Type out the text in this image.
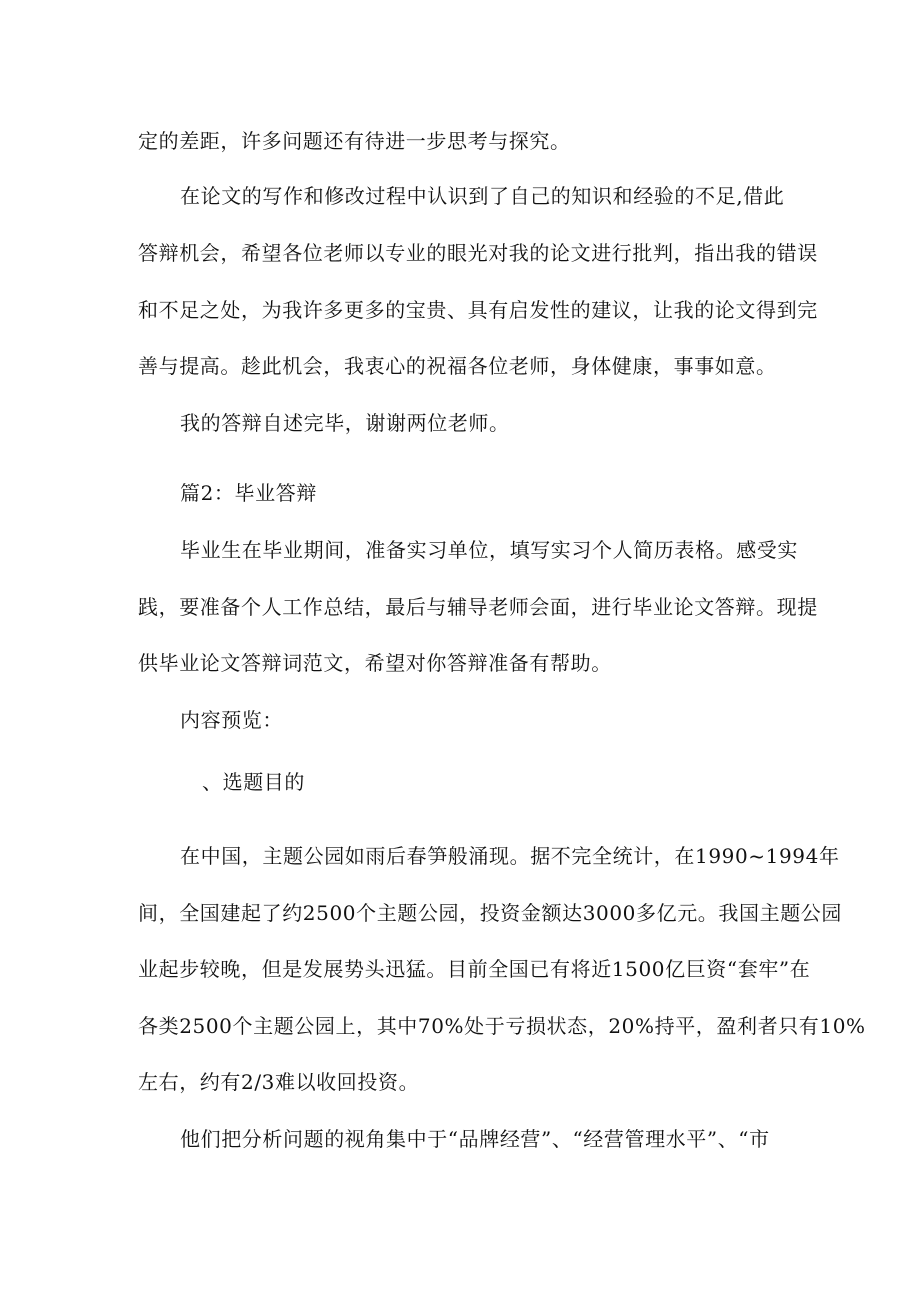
定的差距，许多问题还有待进一步思考与探究。
在论文的写作和修改过程中认识到了自己的知识和经验的不足,借此
答辩机会，希望各位老师以专业的眼光对我的论文进行批判，指出我的错误
和不足之处，为我许多更多的宝贵、具有启发性的建议，让我的论文得到完
善与提高。趁此机会，我衷心的祝福各位老师，身体健康，事事如意。
我的答辩自述完毕，谢谢两位老师。
篇2：毕业答辩
毕业生在毕业期间，准备实习单位，填写实习个人简历表格。感受实
践，要准备个人工作总结，最后与辅导老师会面，进行毕业论文答辩。现提
供毕业论文答辩词范文，希望对你答辩准备有帮助。
内容预览：
、选题目的
在中国，主题公园如雨后春笋般涌现。据不完全统计，在1990~1994年
间，全国建起了约2500个主题公园，投资金额达3000多亿元。我国主题公园
业起步较晚，但是发展势头迅猛。目前全国已有将近1500亿巨资“套牢”在
各类2500个主题公园上，其中70%处于亏损状态，20%持平，盈利者只有10%
左右，约有2/3难以收回投资。
他们把分析问题的视角集中于“品牌经营”、“经营管理水平”、“市
